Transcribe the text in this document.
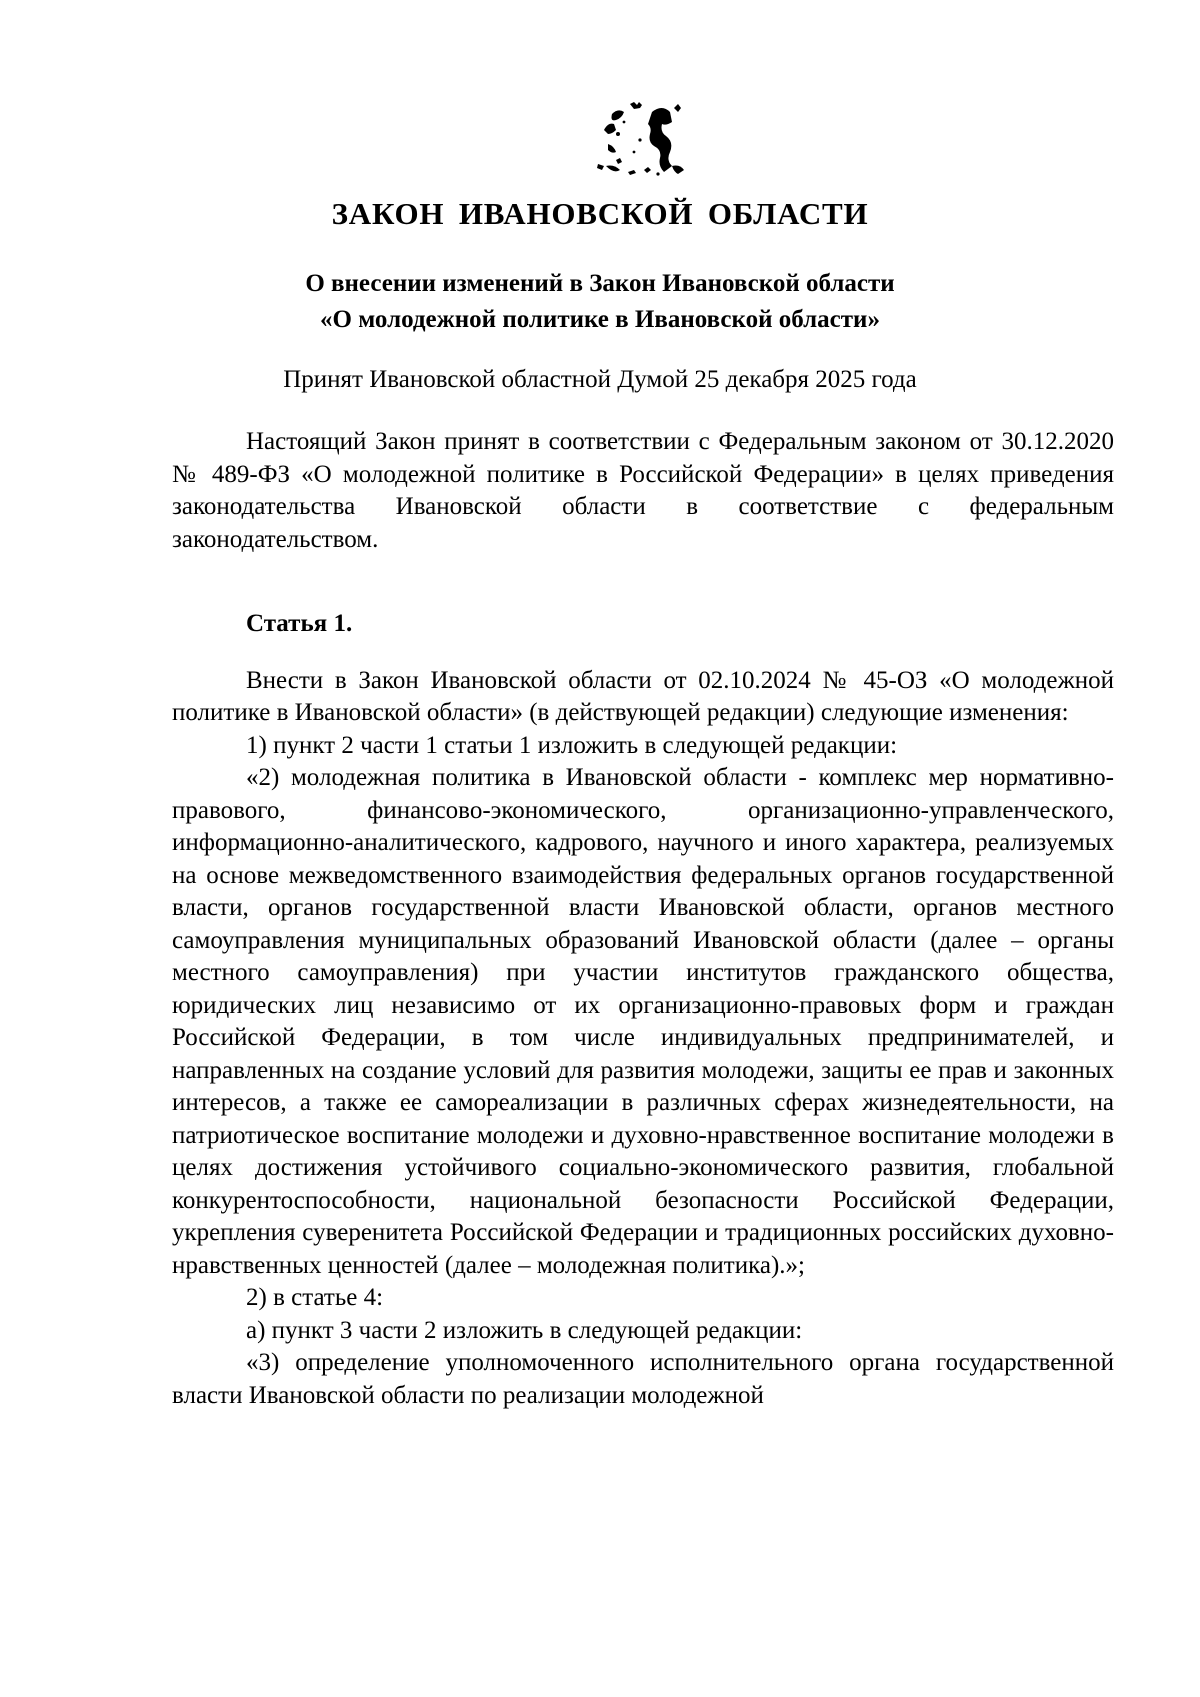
ЗАКОН ИВАНОВСКОЙ ОБЛАСТИ
О внесении изменений в Закон Ивановской области
«О молодежной политике в Ивановской области»
Принят Ивановской областной Думой 25 декабря 2025 года

Настоящий Закон принят в соответствии с Федеральным законом от 30.12.2020 № 489-ФЗ «О молодежной политике в Российской Федерации» в целях приведения законодательства Ивановской области в соответствие с федеральным законодательством.

Статья 1.

Внести в Закон Ивановской области от 02.10.2024 № 45-ОЗ «О молодежной политике в Ивановской области» (в действующей редакции) следующие изменения:

1) пункт 2 части 1 статьи 1 изложить в следующей редакции:

«2) молодежная политика в Ивановской области - комплекс мер нормативно-правового, финансово-экономического, организационно-управленческого, информационно-аналитического, кадрового, научного и иного характера, реализуемых на основе межведомственного взаимодействия федеральных органов государственной власти, органов государственной власти Ивановской области, органов местного самоуправления муниципальных образований Ивановской области (далее – органы местного самоуправления) при участии институтов гражданского общества, юридических лиц независимо от их организационно-правовых форм и граждан Российской Федерации, в том числе индивидуальных предпринимателей, и направленных на создание условий для развития молодежи, защиты ее прав и законных интересов, а также ее самореализации в различных сферах жизнедеятельности, на патриотическое воспитание молодежи и духовно-нравственное воспитание молодежи в целях достижения устойчивого социально-экономического развития, глобальной конкурентоспособности, национальной безопасности Российской Федерации, укрепления суверенитета Российской Федерации и традиционных российских духовно-нравственных ценностей (далее – молодежная политика).»;

2) в статье 4:

а) пункт 3 части 2 изложить в следующей редакции:

«3) определение уполномоченного исполнительного органа государственной власти Ивановской области по реализации молодежной
